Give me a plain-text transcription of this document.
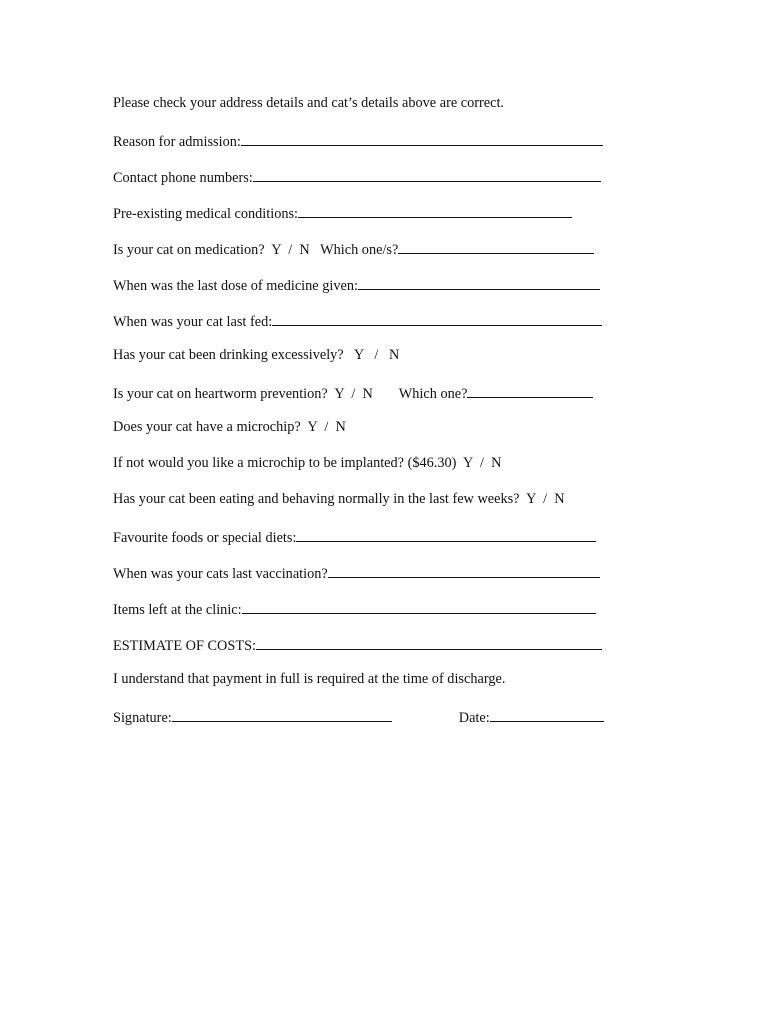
Please check your address details and cat’s details above are correct.
Reason for admission:
Contact phone numbers:
Pre-existing medical conditions:
Is your cat on medication?  Y  /  N   Which one/s?
When was the last dose of medicine given:
When was your cat last fed:
Has your cat been drinking excessively?   Y   /   N
Is your cat on heartworm prevention?  Y  /  N Which one?
Does your cat have a microchip?  Y  /  N
If not would you like a microchip to be implanted? ($46.30)  Y  /  N
Has your cat been eating and behaving normally in the last few weeks?  Y  /  N
Favourite foods or special diets:
When was your cats last vaccination?
Items left at the clinic:
ESTIMATE OF COSTS:
I understand that payment in full is required at the time of discharge.
Signature:	Date:
